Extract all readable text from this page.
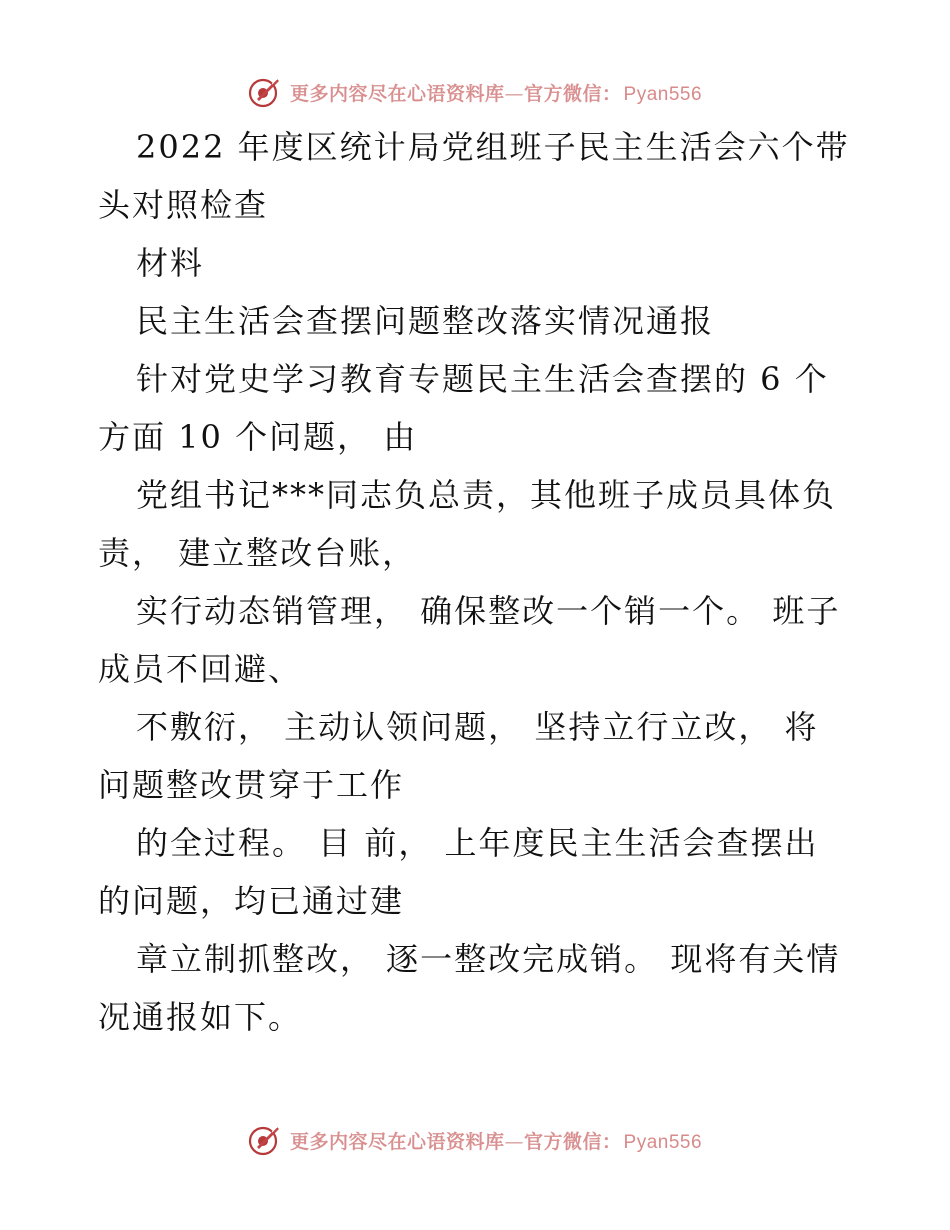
更多内容尽在心语资料库—官方微信： Pyan556
2022 年度区统计局党组班子民主生活会六个带
头对照检查
材料
民主生活会查摆问题整改落实情况通报
针对党史学习教育专题民主生活会查摆的 6 个
方面 10 个问题， 由
党组书记***同志负总责，其他班子成员具体负
责， 建立整改台账，
实行动态销管理， 确保整改一个销一个。 班子
成员不回避、
不敷衍， 主动认领问题， 坚持立行立改， 将
问题整改贯穿于工作
的全过程。 目 前， 上年度民主生活会查摆出
的问题，均已通过建
章立制抓整改， 逐一整改完成销。 现将有关情
况通报如下。
更多内容尽在心语资料库—官方微信： Pyan556
